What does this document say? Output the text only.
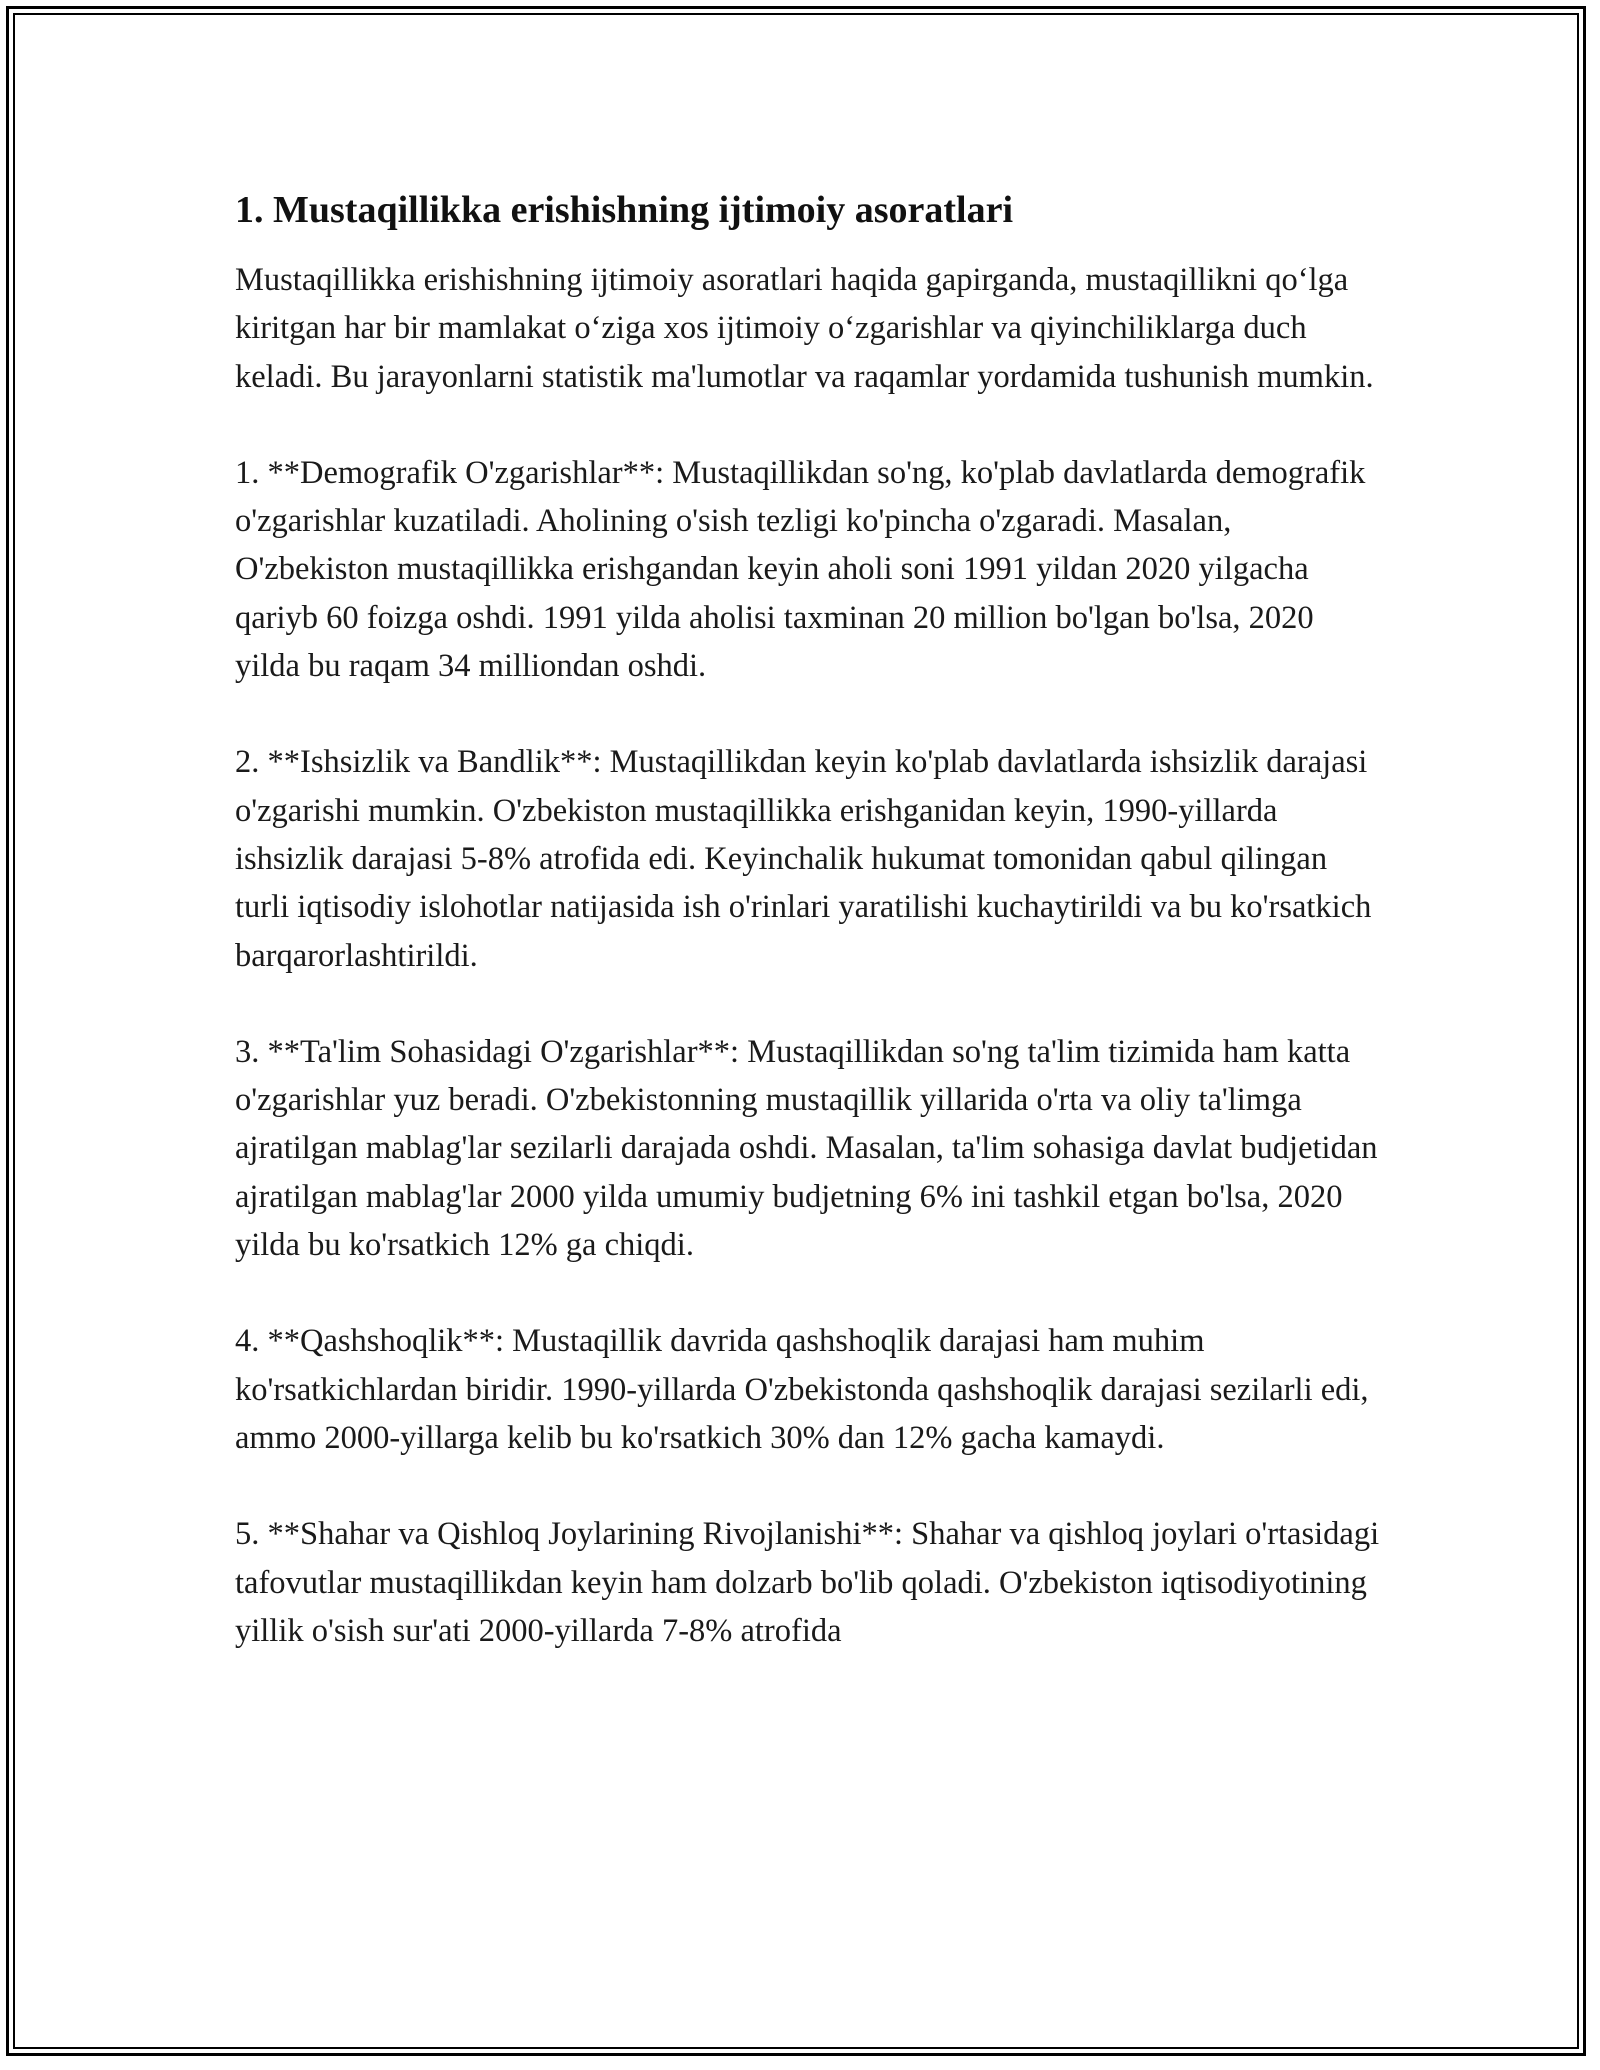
1. Mustaqillikka erishishning ijtimoiy asoratlari

Mustaqillikka erishishning ijtimoiy asoratlari haqida gapirganda, mustaqillikni qo‘lga kiritgan har bir mamlakat o‘ziga xos ijtimoiy o‘zgarishlar va qiyinchiliklarga duch keladi. Bu jarayonlarni statistik ma'lumotlar va raqamlar yordamida tushunish mumkin.

1. **Demografik O'zgarishlar**: Mustaqillikdan so'ng, ko'plab davlatlarda demografik o'zgarishlar kuzatiladi. Aholining o'sish tezligi ko'pincha o'zgaradi. Masalan, O'zbekiston mustaqillikka erishgandan keyin aholi soni 1991 yildan 2020 yilgacha qariyb 60 foizga oshdi. 1991 yilda aholisi taxminan 20 million bo'lgan bo'lsa, 2020 yilda bu raqam 34 milliondan oshdi.

2. **Ishsizlik va Bandlik**: Mustaqillikdan keyin ko'plab davlatlarda ishsizlik darajasi o'zgarishi mumkin. O'zbekiston mustaqillikka erishganidan keyin, 1990-yillarda ishsizlik darajasi 5-8% atrofida edi. Keyinchalik hukumat tomonidan qabul qilingan turli iqtisodiy islohotlar natijasida ish o'rinlari yaratilishi kuchaytirildi va bu ko'rsatkich barqarorlashtirildi.

3. **Ta'lim Sohasidagi O'zgarishlar**: Mustaqillikdan so'ng ta'lim tizimida ham katta o'zgarishlar yuz beradi. O'zbekistonning mustaqillik yillarida o'rta va oliy ta'limga ajratilgan mablag'lar sezilarli darajada oshdi. Masalan, ta'lim sohasiga davlat budjetidan ajratilgan mablag'lar 2000 yilda umumiy budjetning 6% ini tashkil etgan bo'lsa, 2020 yilda bu ko'rsatkich 12% ga chiqdi.

4. **Qashshoqlik**: Mustaqillik davrida qashshoqlik darajasi ham muhim ko'rsatkichlardan biridir. 1990-yillarda O'zbekistonda qashshoqlik darajasi sezilarli edi, ammo 2000-yillarga kelib bu ko'rsatkich 30% dan 12% gacha kamaydi.

5. **Shahar va Qishloq Joylarining Rivojlanishi**: Shahar va qishloq joylari o'rtasidagi tafovutlar mustaqillikdan keyin ham dolzarb bo'lib qoladi. O'zbekiston iqtisodiyotining yillik o'sish sur'ati 2000-yillarda 7-8% atrofida
